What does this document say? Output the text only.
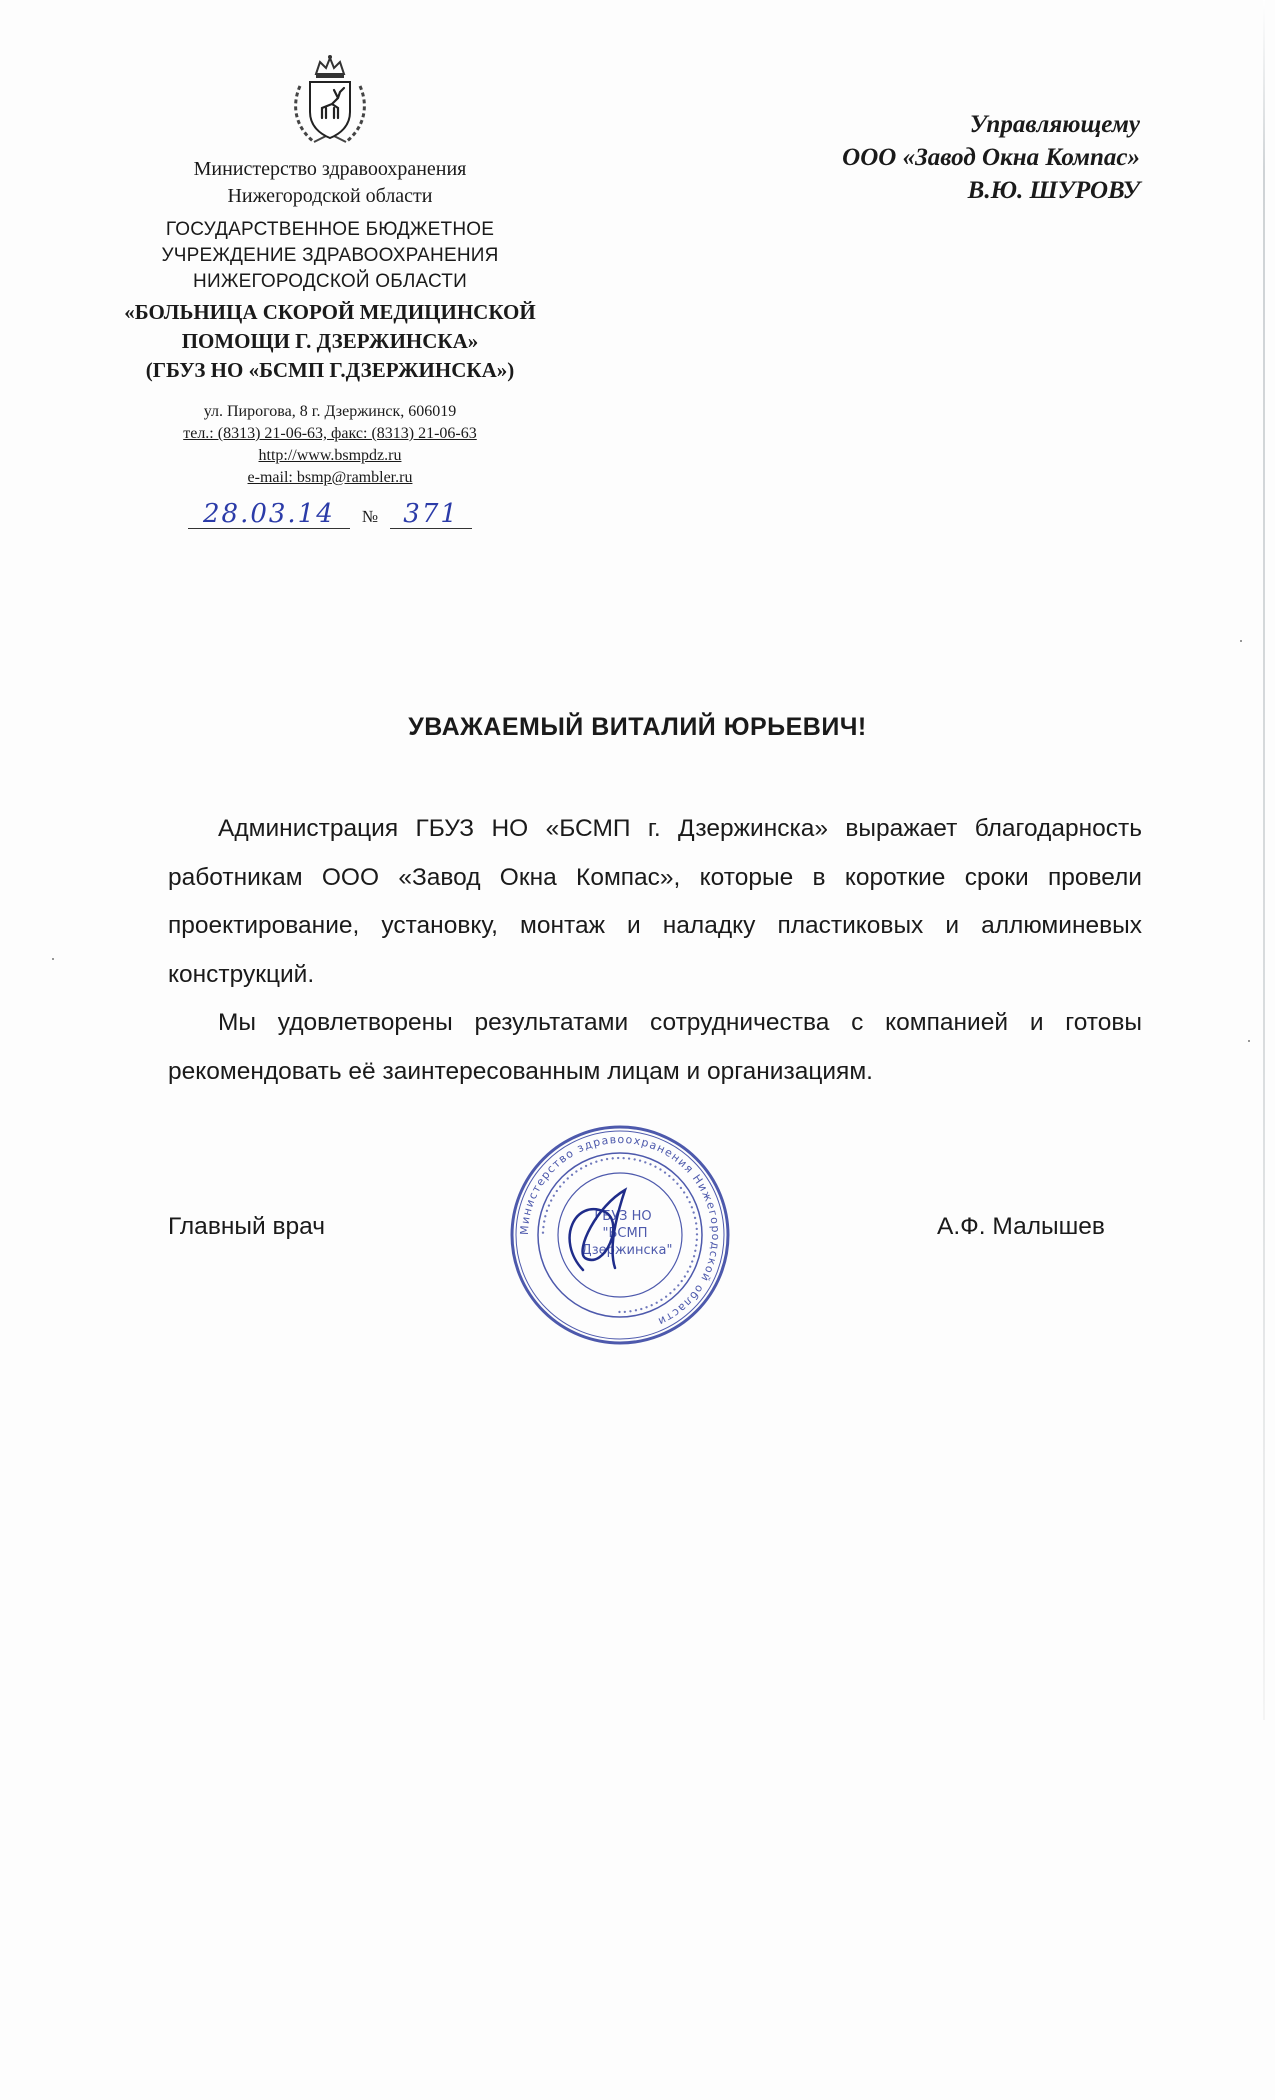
Министерство здравоохранения
Нижегородской области
ГОСУДАРСТВЕННОЕ БЮДЖЕТНОЕ
УЧРЕЖДЕНИЕ ЗДРАВООХРАНЕНИЯ
НИЖЕГОРОДСКОЙ ОБЛАСТИ
«БОЛЬНИЦА СКОРОЙ МЕДИЦИНСКОЙ
ПОМОЩИ Г. ДЗЕРЖИНСКА»
(ГБУЗ НО «БСМП Г.ДЗЕРЖИНСКА»)
ул. Пирогова, 8 г. Дзержинск, 606019
тел.: (8313) 21-06-63, факс: (8313) 21-06-63
http://www.bsmpdz.ru
e-mail: bsmp@rambler.ru
28.03.14	№ 371
Управляющему
ООО «Завод Окна Компас»
В.Ю. ШУРОВУ
УВАЖАЕМЫЙ ВИТАЛИЙ ЮРЬЕВИЧ!

Администрация ГБУЗ НО «БСМП г. Дзержинска» выражает благодарность работникам ООО «Завод Окна Компас», которые в короткие сроки провели проектирование, установку, монтаж и наладку пластиковых и аллюминевых конструкций.

Мы удовлетворены результатами сотрудничества с компанией и готовы рекомендовать её заинтересованным лицам и организациям.

Главный врач	А.Ф. Малышев
Министерство здравоохранения Нижегородской области
••••••••••••••••••••••••••••••••••••••••••••••••••••••••••••••••••
ГБУЗ НО
"БСМП
Дзержинска"
